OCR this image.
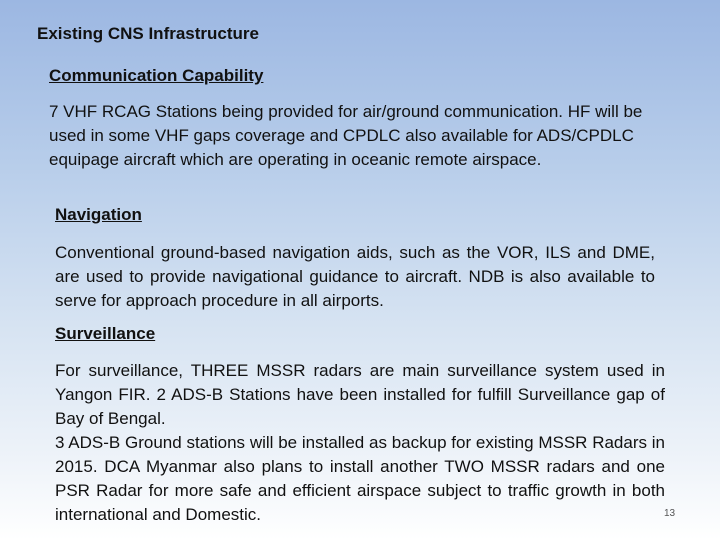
Existing CNS Infrastructure
Communication Capability

7 VHF RCAG Stations being provided for air/ground communication. HF will be used in some VHF gaps coverage and CPDLC also available for ADS/CPDLC equipage aircraft which are operating in oceanic remote airspace.

Navigation

Conventional ground-based navigation aids, such as the VOR, ILS and DME, are used to provide navigational guidance to aircraft. NDB is also available to serve for approach procedure in all airports.

Surveillance

For surveillance, THREE MSSR radars are main surveillance system used in Yangon FIR. 2 ADS-B Stations have been installed for fulfill Surveillance gap of Bay of Bengal.

3 ADS-B Ground stations will be installed as backup for existing MSSR Radars in 2015. DCA Myanmar also plans to install another TWO MSSR radars and one PSR Radar for more safe and efficient airspace subject to traffic growth in both international and Domestic.	13
